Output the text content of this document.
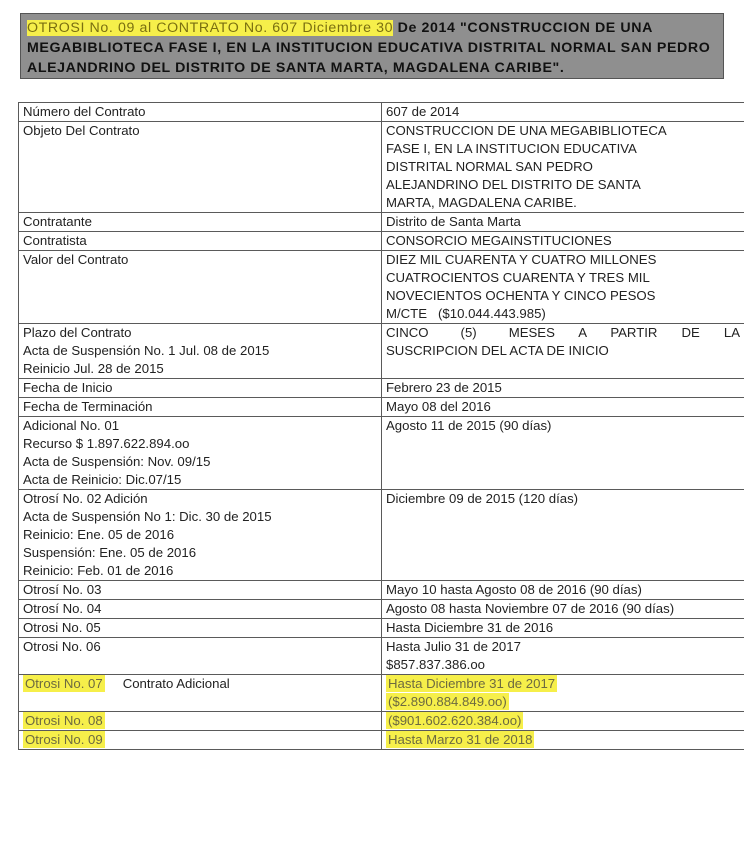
OTROSI No. 09 al CONTRATO No. 607 Diciembre 30 De 2014 "CONSTRUCCION DE UNA
MEGABIBLIOTECA FASE I, EN LA INSTITUCION EDUCATIVA DISTRITAL NORMAL SAN PEDRO
ALEJANDRINO DEL DISTRITO DE SANTA MARTA, MAGDALENA CARIBE".
Número del Contrato	607 de 2014

Objeto Del Contrato	CONSTRUCCION DE UNA MEGABIBLIOTECA
FASE I, EN LA INSTITUCION EDUCATIVA
DISTRITAL NORMAL SAN PEDRO
ALEJANDRINO DEL DISTRITO DE SANTA
MARTA, MAGDALENA CARIBE.

Contratante	Distrito de Santa Marta

Contratista	CONSORCIO MEGAINSTITUCIONES

Valor del Contrato	DIEZ MIL CUARENTA Y CUATRO MILLONES
CUATROCIENTOS CUARENTA Y TRES MIL
NOVECIENTOS OCHENTA Y CINCO PESOS
M/CTE   ($10.044.443.985)

Plazo del Contrato
Acta de Suspensión No. 1 Jul. 08 de 2015
Reinicio Jul. 28 de 2015	CINCO    (5)    MESES   A   PARTIR   DE   LA
SUSCRIPCION DEL ACTA DE INICIO

Fecha de Inicio	Febrero 23 de 2015

Fecha de Terminación	Mayo 08 del 2016

Adicional No. 01
Recurso $ 1.897.622.894.oo
Acta de Suspensión: Nov. 09/15
Acta de Reinicio: Dic.07/15	Agosto 11 de 2015 (90 días)

Otrosí No. 02 Adición
Acta de Suspensión No 1: Dic. 30 de 2015
Reinicio: Ene. 05 de 2016
Suspensión: Ene. 05 de 2016
Reinicio: Feb. 01 de 2016	Diciembre 09 de 2015 (120 días)

Otrosí No. 03	Mayo 10 hasta Agosto 08 de 2016 (90 días)

Otrosí No. 04	Agosto 08 hasta Noviembre 07 de 2016 (90 días)

Otrosi No. 05	Hasta Diciembre 31 de 2016

Otrosi No. 06	Hasta Julio 31 de 2017
$857.837.386.oo

Otrosi No. 07 Contrato Adicional	Hasta Diciembre 31 de 2017
($2.890.884.849.oo)

Otrosi No. 08	($901.602.620.384.oo)
Otrosi No. 09	Hasta Marzo 31 de 2018
